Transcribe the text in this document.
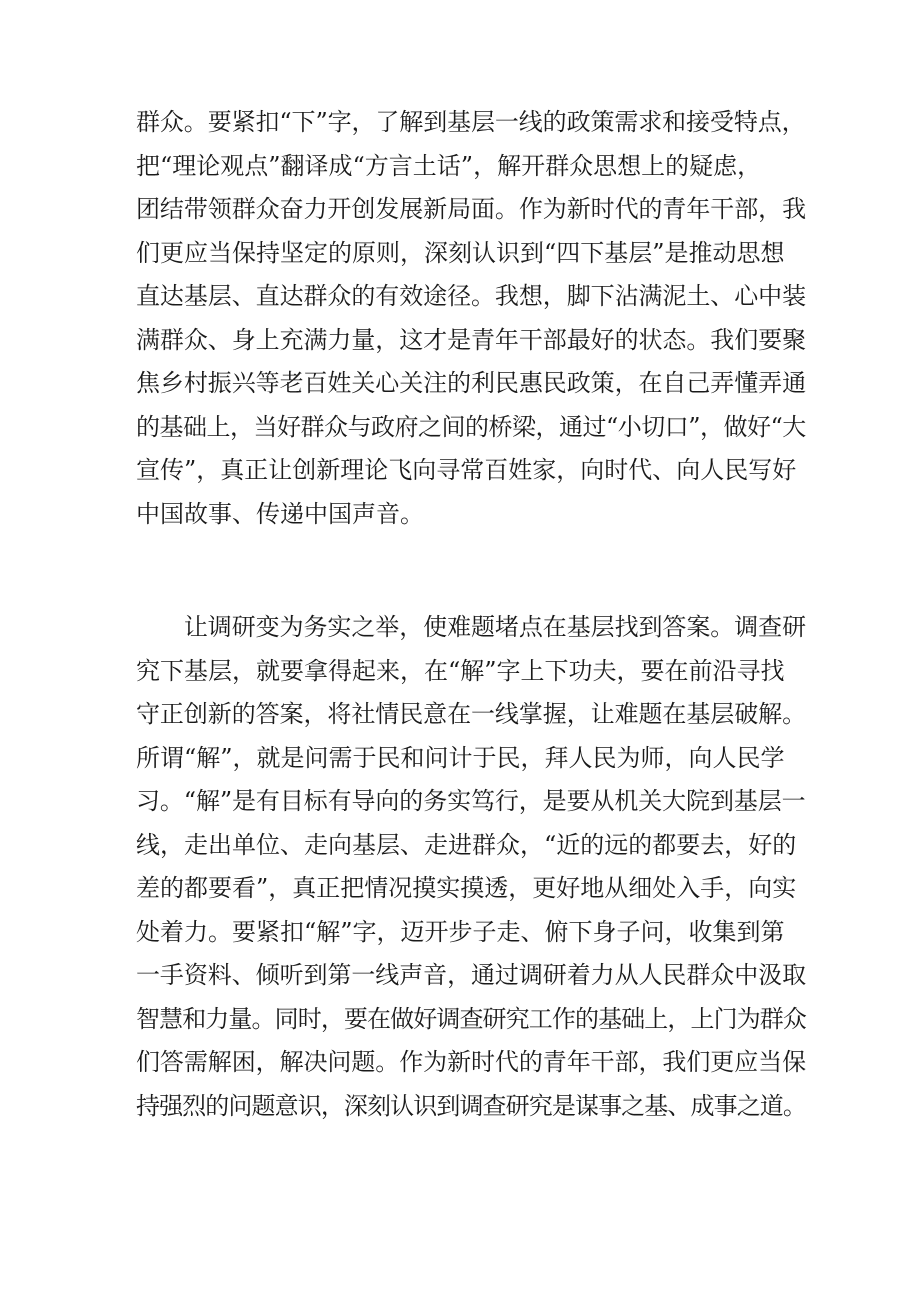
群众。要紧扣“下”字，了解到基层一线的政策需求和接受特点，
把“理论观点”翻译成“方言土话”，解开群众思想上的疑虑，
团结带领群众奋力开创发展新局面。作为新时代的青年干部，我
们更应当保持坚定的原则，深刻认识到“四下基层”是推动思想
直达基层、直达群众的有效途径。我想，脚下沾满泥土、心中装
满群众、身上充满力量，这才是青年干部最好的状态。我们要聚
焦乡村振兴等老百姓关心关注的利民惠民政策，在自己弄懂弄通
的基础上，当好群众与政府之间的桥梁，通过“小切口”，做好“大
宣传”，真正让创新理论飞向寻常百姓家，向时代、向人民写好
中国故事、传递中国声音。
　　让调研变为务实之举，使难题堵点在基层找到答案。调查研
究下基层，就要拿得起来，在“解”字上下功夫，要在前沿寻找
守正创新的答案，将社情民意在一线掌握，让难题在基层破解。
所谓“解”，就是问需于民和问计于民，拜人民为师，向人民学
习。“解”是有目标有导向的务实笃行，是要从机关大院到基层一
线，走出单位、走向基层、走进群众，“近的远的都要去，好的
差的都要看”，真正把情况摸实摸透，更好地从细处入手，向实
处着力。要紧扣“解”字，迈开步子走、俯下身子问，收集到第
一手资料、倾听到第一线声音，通过调研着力从人民群众中汲取
智慧和力量。同时，要在做好调查研究工作的基础上，上门为群众
们答需解困，解决问题。作为新时代的青年干部，我们更应当保
持强烈的问题意识，深刻认识到调查研究是谋事之基、成事之道。
